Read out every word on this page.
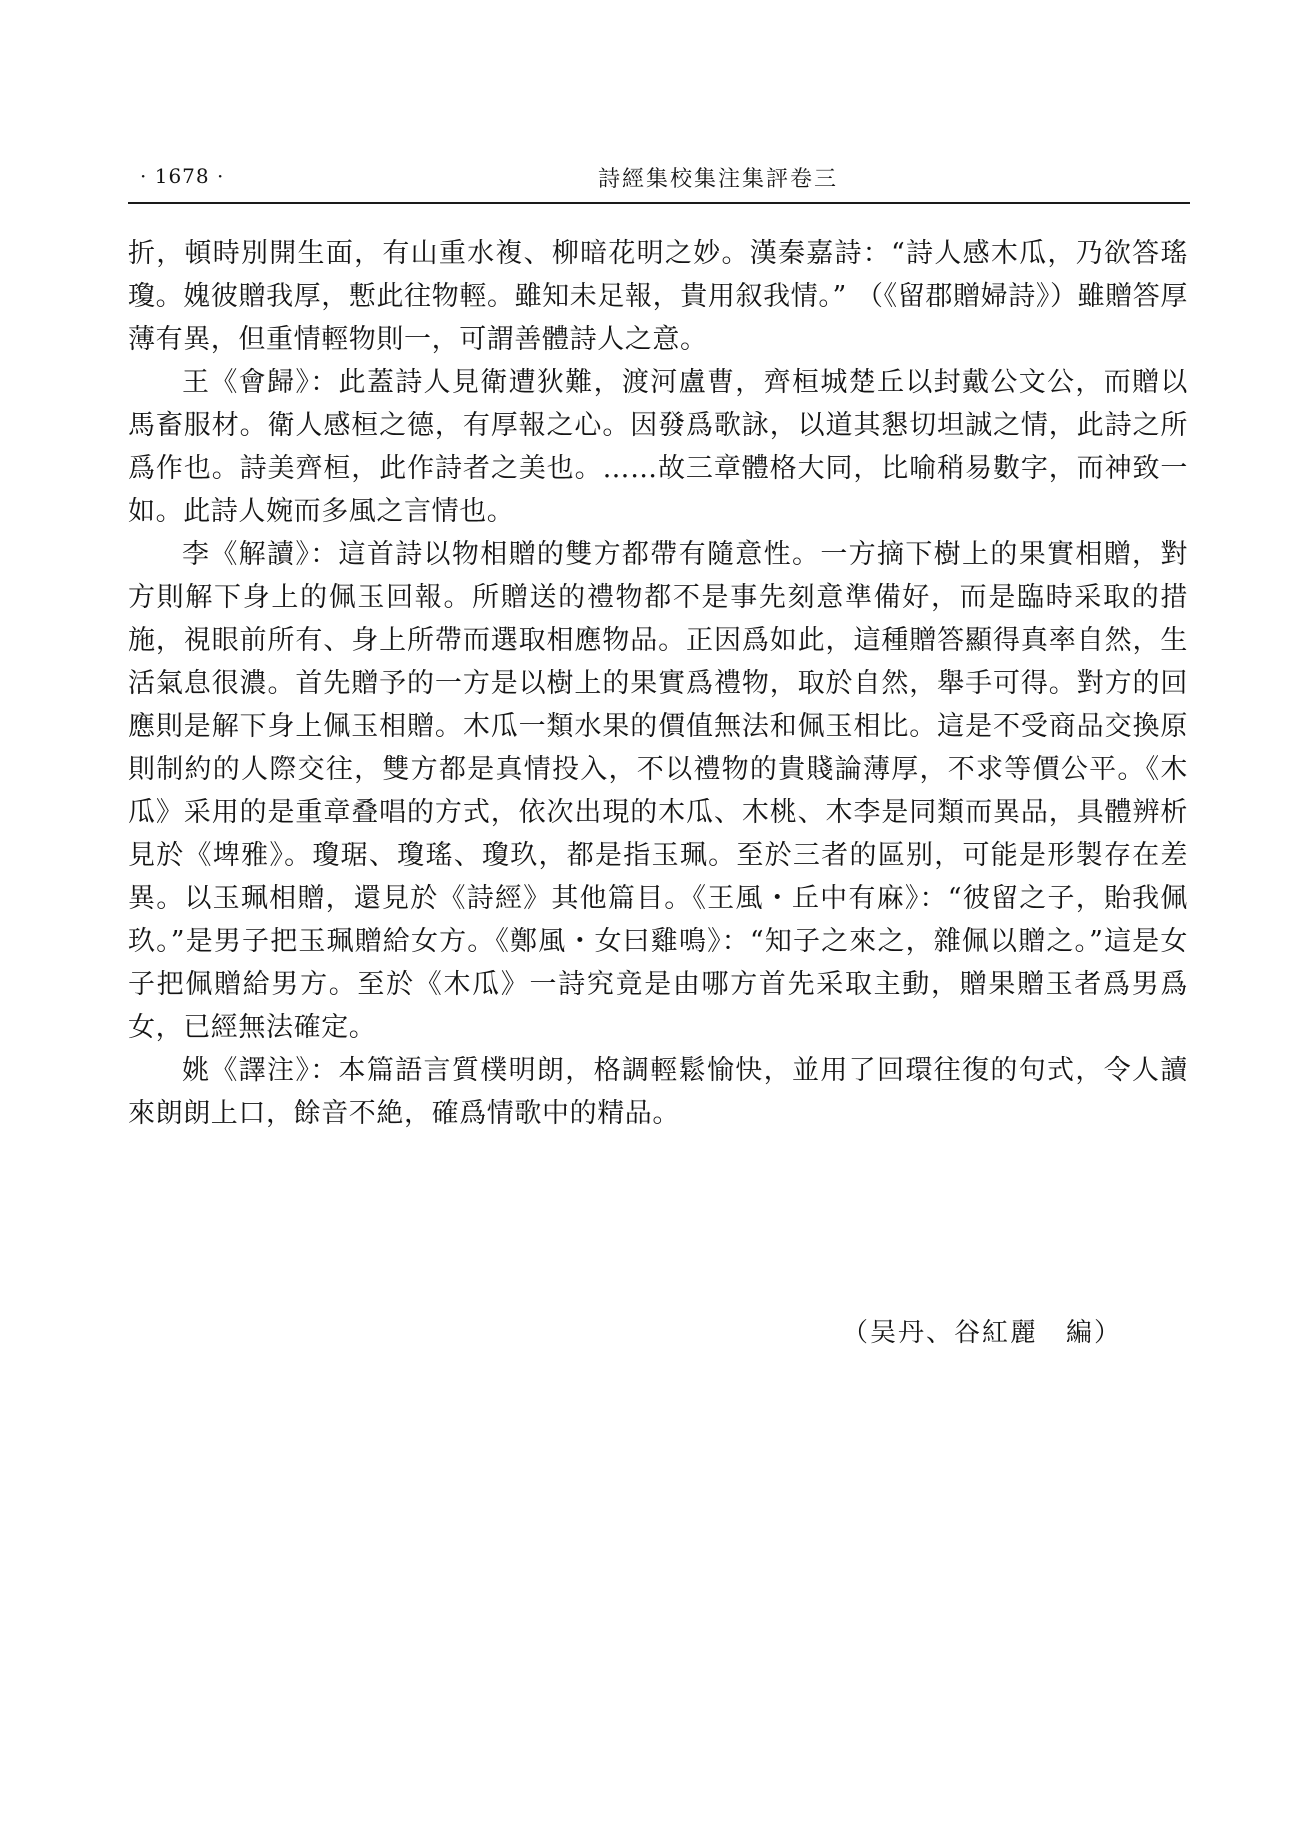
· 1678 ·	詩經集校集注集評卷三

折，頓時別開生面，有山重水複、柳暗花明之妙。漢秦嘉詩：“詩人感木瓜，乃欲答瑤瓊。媿彼贈我厚，慙此往物輕。雖知未足報，貴用叙我情。” （《留郡贈婦詩》）雖贈答厚薄有異，但重情輕物則一，可謂善體詩人之意。

王《會歸》：此蓋詩人見衛遭狄難，渡河盧曹，齊桓城楚丘以封戴公文公，而贈以馬畜服材。衛人感桓之德，有厚報之心。因發爲歌詠，以道其懇切坦誠之情，此詩之所爲作也。詩美齊桓，此作詩者之美也。……故三章體格大同，比喻稍易數字，而神致一如。此詩人婉而多風之言情也。

李《解讀》：這首詩以物相贈的雙方都帶有隨意性。一方摘下樹上的果實相贈，對方則解下身上的佩玉回報。所贈送的禮物都不是事先刻意準備好，而是臨時采取的措施，視眼前所有、身上所帶而選取相應物品。正因爲如此，這種贈答顯得真率自然，生活氣息很濃。首先贈予的一方是以樹上的果實爲禮物，取於自然，舉手可得。對方的回應則是解下身上佩玉相贈。木瓜一類水果的價值無法和佩玉相比。這是不受商品交換原則制約的人際交往，雙方都是真情投入，不以禮物的貴賤論薄厚，不求等價公平。《木瓜》采用的是重章叠唱的方式，依次出現的木瓜、木桃、木李是同類而異品，具體辨析見於《埤雅》。瓊琚、瓊瑤、瓊玖，都是指玉珮。至於三者的區别，可能是形製存在差異。以玉珮相贈，還見於《詩經》其他篇目。《王風・丘中有麻》：“彼留之子，貽我佩玖。”是男子把玉珮贈給女方。《鄭風・女曰雞鳴》：“知子之來之，雜佩以贈之。”這是女子把佩贈給男方。至於《木瓜》一詩究竟是由哪方首先采取主動，贈果贈玉者爲男爲女，已經無法確定。

姚《譯注》：本篇語言質樸明朗，格調輕鬆愉快，並用了回環往復的句式，令人讀來朗朗上口，餘音不絶，確爲情歌中的精品。

（吴丹、谷紅麗　編）
